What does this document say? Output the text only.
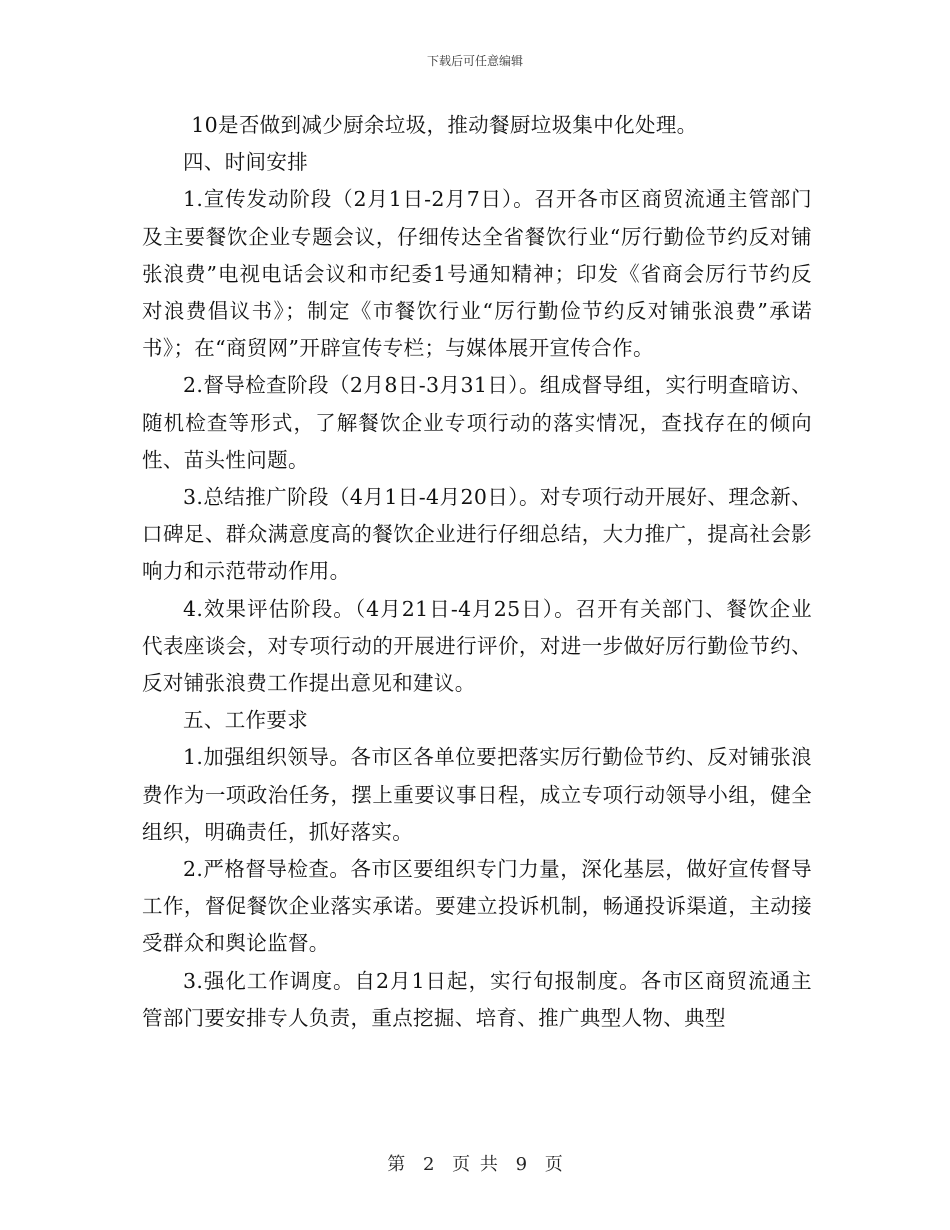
下载后可任意编辑

10是否做到减少厨余垃圾，推动餐厨垃圾集中化处理。

四、时间安排

1.宣传发动阶段（2月1日-2月7日）。召开各市区商贸流通主管部门及主要餐饮企业专题会议，仔细传达全省餐饮行业“厉行勤俭节约反对铺张浪费”电视电话会议和市纪委1号通知精神；印发《省商会厉行节约反对浪费倡议书》；制定《市餐饮行业“厉行勤俭节约反对铺张浪费”承诺书》；在“商贸网”开辟宣传专栏；与媒体展开宣传合作。

2.督导检查阶段（2月8日-3月31日）。组成督导组，实行明查暗访、随机检查等形式，了解餐饮企业专项行动的落实情况，查找存在的倾向性、苗头性问题。

3.总结推广阶段（4月1日-4月20日）。对专项行动开展好、理念新、口碑足、群众满意度高的餐饮企业进行仔细总结，大力推广，提高社会影响力和示范带动作用。

4.效果评估阶段。（4月21日-4月25日）。召开有关部门、餐饮企业代表座谈会，对专项行动的开展进行评价，对进一步做好厉行勤俭节约、反对铺张浪费工作提出意见和建议。

五、工作要求

1.加强组织领导。各市区各单位要把落实厉行勤俭节约、反对铺张浪费作为一项政治任务，摆上重要议事日程，成立专项行动领导小组，健全组织，明确责任，抓好落实。

2.严格督导检查。各市区要组织专门力量，深化基层，做好宣传督导工作，督促餐饮企业落实承诺。要建立投诉机制，畅通投诉渠道，主动接受群众和舆论监督。

3.强化工作调度。自2月1日起，实行旬报制度。各市区商贸流通主管部门要安排专人负责，重点挖掘、培育、推广典型人物、典型

第 2 页 共 9 页
